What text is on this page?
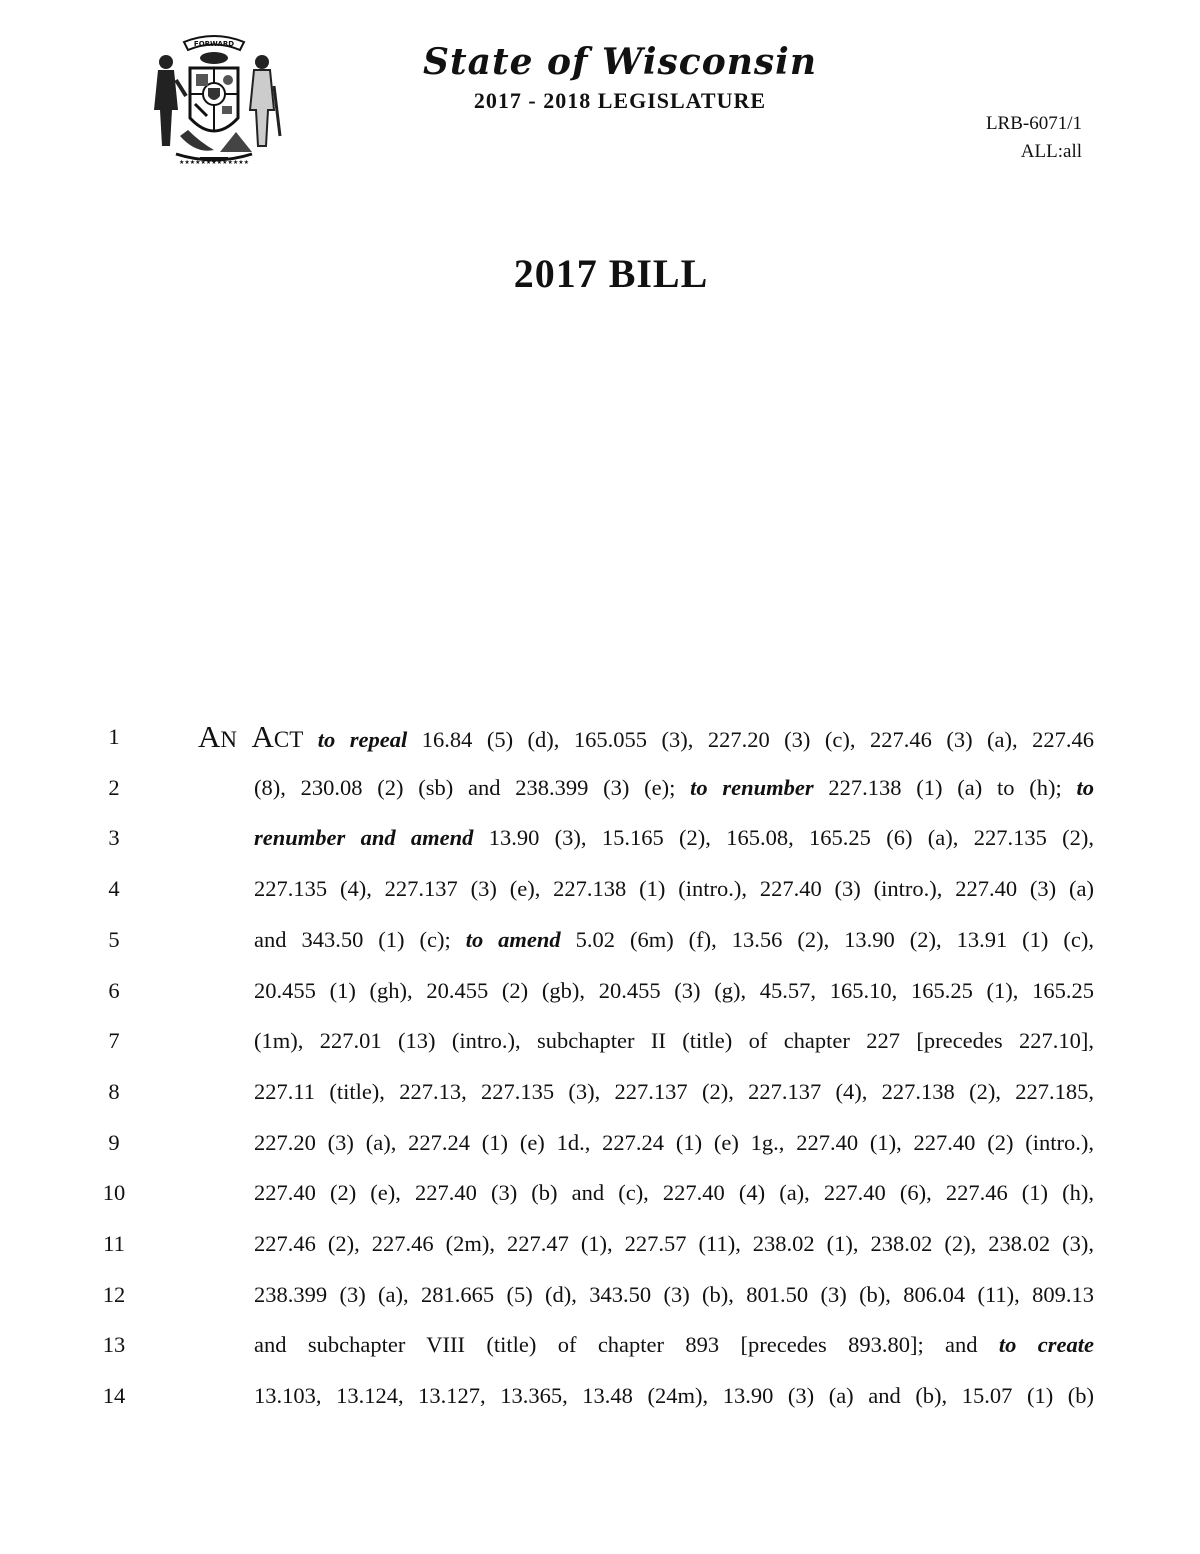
FORWARD
★★★★★★★★★★★★★
State of Wisconsin
2017 - 2018 LEGISLATURE
LRB-6071/1
ALL:all
2017 BILL
1	AN ACT to repeal 16.84 (5) (d), 165.055 (3), 227.20 (3) (c), 227.46 (3) (a), 227.46
2	(8), 230.08 (2) (sb) and 238.399 (3) (e); to renumber 227.138 (1) (a) to (h); to
3	renumber and amend 13.90 (3), 15.165 (2), 165.08, 165.25 (6) (a), 227.135 (2),
4	227.135 (4), 227.137 (3) (e), 227.138 (1) (intro.), 227.40 (3) (intro.), 227.40 (3) (a)
5	and 343.50 (1) (c); to amend 5.02 (6m) (f), 13.56 (2), 13.90 (2), 13.91 (1) (c),
6	20.455 (1) (gh), 20.455 (2) (gb), 20.455 (3) (g), 45.57, 165.10, 165.25 (1), 165.25
7	(1m), 227.01 (13) (intro.), subchapter II (title) of chapter 227 [precedes 227.10],
8	227.11 (title), 227.13, 227.135 (3), 227.137 (2), 227.137 (4), 227.138 (2), 227.185,
9	227.20 (3) (a), 227.24 (1) (e) 1d., 227.24 (1) (e) 1g., 227.40 (1), 227.40 (2) (intro.),
10	227.40 (2) (e), 227.40 (3) (b) and (c), 227.40 (4) (a), 227.40 (6), 227.46 (1) (h),
11	227.46 (2), 227.46 (2m), 227.47 (1), 227.57 (11), 238.02 (1), 238.02 (2), 238.02 (3),
12	238.399 (3) (a), 281.665 (5) (d), 343.50 (3) (b), 801.50 (3) (b), 806.04 (11), 809.13
13	and subchapter VIII (title) of chapter 893 [precedes 893.80]; and to create
14	13.103, 13.124, 13.127, 13.365, 13.48 (24m), 13.90 (3) (a) and (b), 15.07 (1) (b)
